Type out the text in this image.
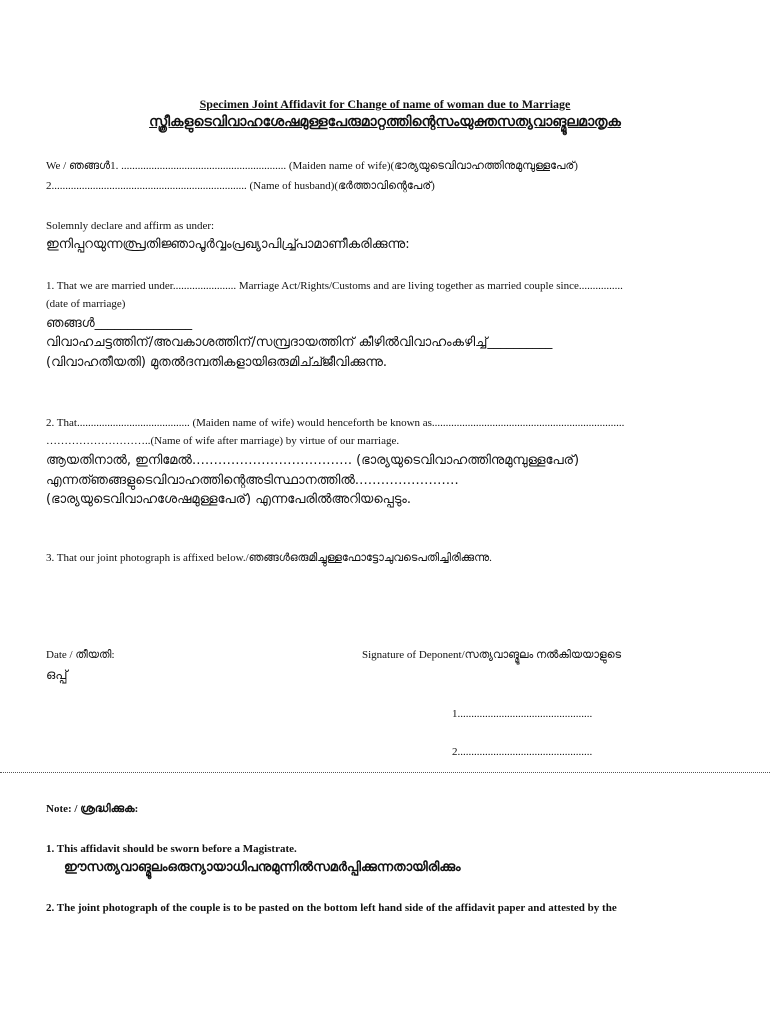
Specimen Joint Affidavit for Change of name of woman due to Marriage
സ്ത്രീകളുടെവിവാഹശേഷമുള്ളപേരുമാറ്റത്തിന്റെസംയുക്തസത്യവാങ്മൂലമാതൃക
We / ഞങ്ങൾ1. ............................................................ (Maiden name of wife)(ഭാര്യയുടെവിവാഹത്തിനുമുമ്പുള്ളപേര്)
2....................................................................... (Name of husband)(ഭർത്താവിന്റെപേര്)
Solemnly declare and affirm as under:
ഇനിപ്പറയുന്നത്പ്രതിജ്ഞാപൂർവ്വംപ്രഖ്യാപിച്ച്പ്രാമാണീകരിക്കുന്നു:
1. That we are married under....................... Marriage Act/Rights/Customs and are living together as married couple since................
(date of marriage)
ഞങ്ങൾ_______________
വിവാഹചട്ടത്തിന്/അവകാശത്തിന്/സമ്പ്രദായത്തിന് കീഴിൽവിവാഹംകഴിച്ച്__________
(വിവാഹതീയതി) മുതൽദമ്പതികളായിഒരുമിച്ച്ജീവിക്കുന്നു.
2. That......................................... (Maiden name of wife) would henceforth be known as......................................................................
………………………..(Name of wife after marriage) by virtue of our marriage.
ആയതിനാൽ, ഇനിമേൽ………………………………. (ഭാര്യയുടെവിവാഹത്തിനുമുമ്പുള്ളപേര്)
എന്നത്ഞങ്ങളുടെവിവാഹത്തിന്റെഅടിസ്ഥാനത്തിൽ……………………
(ഭാര്യയുടെവിവാഹശേഷമുള്ളപേര്) എന്നപേരിൽഅറിയപ്പെടും.
3. That our joint photograph is affixed below./ഞങ്ങൾഒരുമിച്ചുള്ളഫോട്ടോചുവടെപതിച്ചിരിക്കുന്നു.
Date / തീയതി:	Signature of Deponent/സത്യവാങ്മൂലം നൽകിയയാളുടെ
ഒപ്പ്
1.................................................
2.................................................
Note: / ശ്രദ്ധിക്കുക:
1. This affidavit should be sworn before a Magistrate.
ഈസത്യവാങ്മൂലംഒരുന്യായാധിപനുമുന്നിൽസമർപ്പിക്കുന്നതായിരിക്കും
2. The joint photograph of the couple is to be pasted on the bottom left hand side of the affidavit paper and attested by the
